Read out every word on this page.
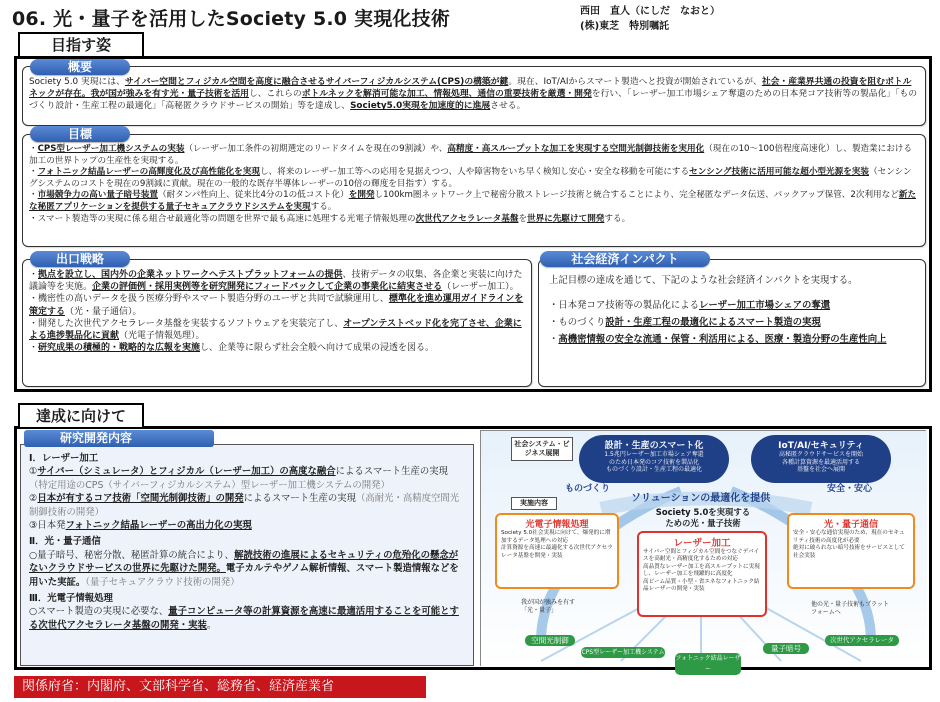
06. 光・量子を活用したSociety 5.0 実現化技術	西田　直人（にしだ　なおと）
(株)東芝　特別嘱託
目指す姿
概要
Society 5.0 実現には、サイバー空間とフィジカル空間を高度に融合させるサイバーフィジカルシステム(CPS)の構築が鍵。現在、IoT/AIからスマート製造へと投資が開始されているが、社会・産業界共通の投資を阻むボトルネックが存在。我が国が強みを有す光・量子技術を活用し、これらのボトルネックを解消可能な加工、情報処理、通信の重要技術を厳選・開発を行い、「レーザー加工市場シェア奪還のための日本発コア技術等の製品化」「ものづくり設計・生産工程の最適化」「高秘匿クラウドサービスの開始」等を達成し、Society5.0実現を加速度的に進展させる。
目標

・CPS型レーザー加工機システムの実装（レーザー加工条件の初期選定のリードタイムを現在の9割減）や、高精度・高スループットな加工を実現する空間光制御技術を実用化（現在の10～100倍程度高速化）し、製造業における加工の世界トップの生産性を実現する。

・フォトニック結晶レーザーの高輝度化及び高性能化を実現し、将来のレーザー加工等への応用を見据えつつ、人や障害物をいち早く検知し安心・安全な移動を可能にするセンシング技術に活用可能な超小型光源を実装（センシングシステムのコストを現在の9割減に貢献。現在の一般的な既存半導体レーザーの10倍の輝度を目指す）する。

・市場競争力の高い量子暗号装置（耐タンパ性向上、従来比4分の1の低コスト化）を開発し100km圏ネットワーク上で秘密分散ストレージ技術と統合することにより、完全秘匿なデータ伝送、バックアップ保管、2次利用など新たな秘匿アプリケーションを提供する量子セキュアクラウドシステムを実現する。

・スマート製造等の実現に係る組合せ最適化等の問題を世界で最も高速に処理する光電子情報処理の次世代アクセラレータ基盤を世界に先駆けて開発する。

出口戦略

・拠点を設立し、国内外の企業ネットワークへテストプラットフォームの提供、技術データの収集、各企業と実装に向けた議論等を実施。企業の評価例・採用実例等を研究開発にフィードバックして企業の事業化に結実させる（レーザー加工）。

・機密性の高いデータを扱う医療分野やスマート製造分野のユーザと共同で試験運用し、標準化を進め運用ガイドラインを策定する（光・量子通信）。

・開発した次世代アクセラレータ基盤を実装するソフトウェアを実装完了し、オープンテストベッド化を完了させ、企業による進捗製品化に貢献（光電子情報処理）。

・研究成果の積極的・戦略的な広報を実施し、企業等に限らず社会全般へ向けて成果の浸透を図る。

社会経済インパクト
上記目標の達成を通じて、下記のような社会経済インパクトを実現する。

・日本発コア技術等の製品化によるレーザー加工市場シェアの奪還

・ものづくり設計・生産工程の最適化によるスマート製造の実現

・高機密情報の安全な流通・保管・利活用による、医療・製造分野の生産性向上

達成に向けて
研究開発内容
Ⅰ．レーザー加工

①サイバー（シミュレータ）とフィジカル（レーザー加工）の高度な融合によるスマート生産の実現（特定用途のCPS（サイバーフィジカルシステム）型レーザー加工機システムの開発）

②日本が有するコア技術「空間光制御技術」の開発によるスマート生産の実現（高耐光・高精度空間光制御技術の開発）

③日本発フォトニック結晶レーザーの高出力化の実現

Ⅱ．光・量子通信

○量子暗号、秘密分散、秘匿計算の統合により、解読技術の進展によるセキュリティの危殆化の懸念がないクラウドサービスの世界に先駆けた開発。電子カルテやゲノム解析情報、スマート製造情報などを用いた実証。（量子セキュアクラウド技術の開発）

Ⅲ．光電子情報処理

○スマート製造の実現に必要な、量子コンピュータ等の計算資源を高速に最適活用することを可能とする次世代アクセラレータ基盤の開発・実装。

社会システム・ビジネス展開
設計・生産のスマート化
1.5兆円レーザー加工市場シェア奪還
のため日本発のコア技術を製品化
ものづくり設計・生産工程の最適化
IoT/AI/セキュリティ
高秘匿クラウドサービスを開始
各種計算資源を最適活用する
基盤を社会へ展開
ものづくり	安全・安心
ソリューションの最適化を提供
実施内容
Society 5.0を実現する
ための光・量子技術
光電子情報処理
Society 5.0社会実現に向けて、爆発的に増加するデータ処理への対応
計算資源を高速に最適化する次世代アクセラレータ基盤を開発・実装
レーザー加工
サイバー空間とフィジカル空間をつなぐデバイスを高耐光・高精度化するための対応
高品質なレーザー加工を高スループットに実現し、レーザー加工を飛躍的に高度化
高ビーム品質・小型・省エネなフォトニック結晶レーザーの開発・実装
光・量子通信
安全・安心な通信実現のため、現在のセキュリティ技術の高度化が必要
絶対に破られない暗号技術をサービスとして社会実装
我が国が強みを有す「光・量子」
他の光・量子技術もプラットフォームへ
空間光制御
CPS型レーザー加工機システム
フォトニック結晶レーザー
量子暗号
次世代アクセラレータ
関係府省：内閣府、文部科学省、総務省、経済産業省
